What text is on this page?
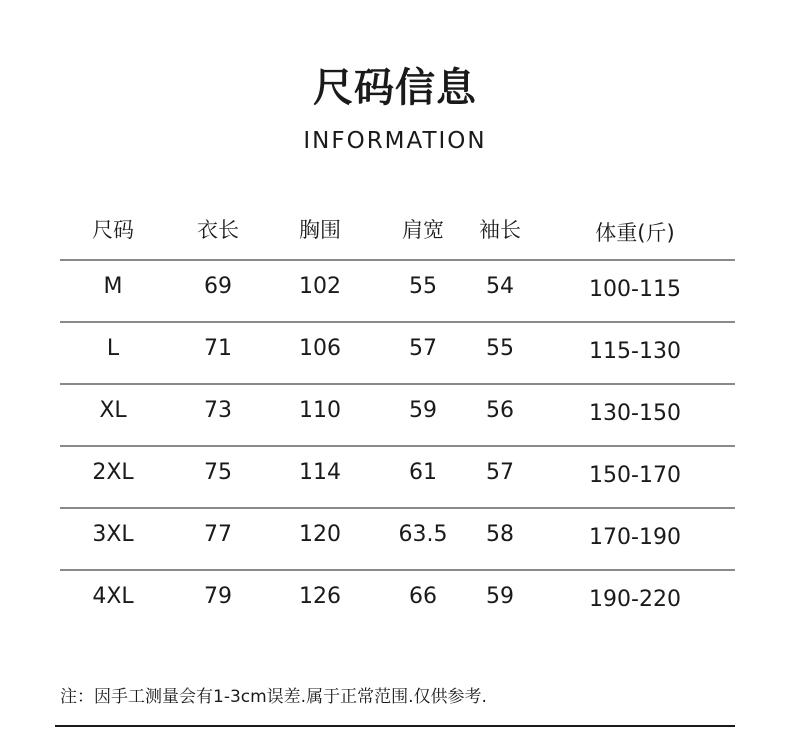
尺码信息
INFORMATION
尺码	衣长	胸围	肩宽	袖长	体重(斤)
M	69	102	55	54	100-115
L	71	106	57	55	115-130
XL	73	110	59	56	130-150
2XL	75	114	61	57	150-170
3XL	77	120	63.5	58	170-190
4XL	79	126	66	59	190-220
注：因手工测量会有1-3cm误差.属于正常范围.仅供参考.
